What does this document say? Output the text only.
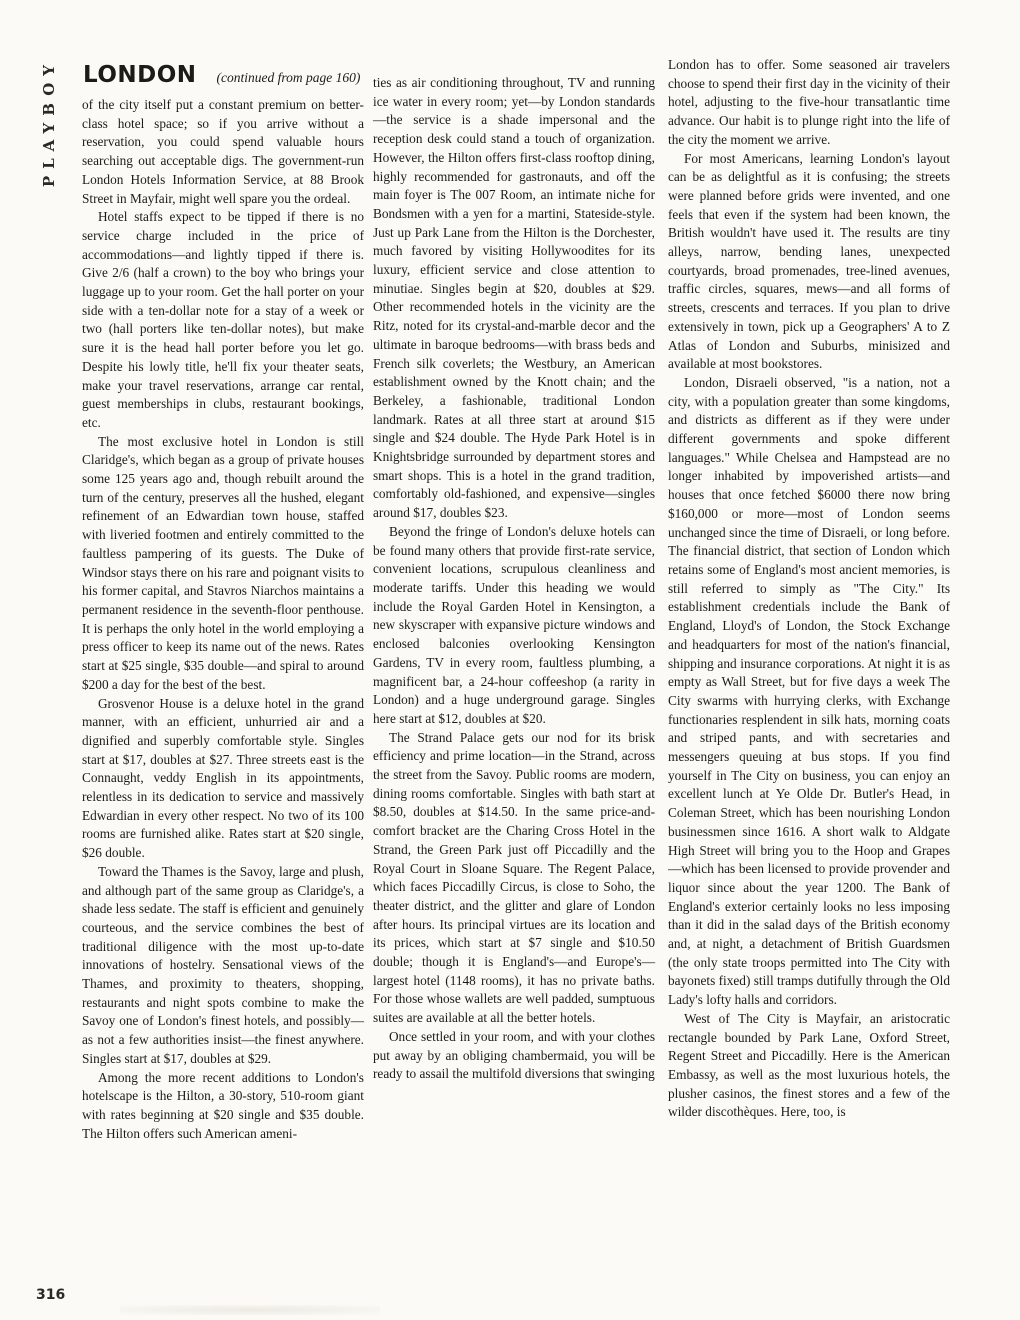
PLAYBOY LONDON (continued from page 160)

of the city itself put a constant premium on better-class hotel space; so if you arrive without a reservation, you could spend valuable hours searching out acceptable digs. The government-run London Hotels Information Service, at 88 Brook Street in Mayfair, might well spare you the ordeal.

Hotel staffs expect to be tipped if there is no service charge included in the price of accommodations—and lightly tipped if there is. Give 2/6 (half a crown) to the boy who brings your luggage up to your room. Get the hall porter on your side with a ten-dollar note for a stay of a week or two (hall porters like ten-dollar notes), but make sure it is the head hall porter before you let go. Despite his lowly title, he'll fix your theater seats, make your travel reservations, arrange car rental, guest memberships in clubs, restaurant bookings, etc.

The most exclusive hotel in London is still Claridge's, which began as a group of private houses some 125 years ago and, though rebuilt around the turn of the century, preserves all the hushed, elegant refinement of an Edwardian town house, staffed with liveried footmen and entirely committed to the faultless pampering of its guests. The Duke of Windsor stays there on his rare and poignant visits to his former capital, and Stavros Niarchos maintains a permanent residence in the seventh-floor penthouse. It is perhaps the only hotel in the world employing a press officer to keep its name out of the news. Rates start at $25 single, $35 double—and spiral to around $200 a day for the best of the best.

Grosvenor House is a deluxe hotel in the grand manner, with an efficient, unhurried air and a dignified and superbly comfortable style. Singles start at $17, doubles at $27. Three streets east is the Connaught, veddy English in its appointments, relentless in its dedication to service and massively Edwardian in every other respect. No two of its 100 rooms are furnished alike. Rates start at $20 single, $26 double.

Toward the Thames is the Savoy, large and plush, and although part of the same group as Claridge's, a shade less sedate. The staff is efficient and genuinely courteous, and the service combines the best of traditional diligence with the most up-to-date innovations of hostelry. Sensational views of the Thames, and proximity to theaters, shopping, restaurants and night spots combine to make the Savoy one of London's finest hotels, and possibly—as not a few authorities insist—the finest anywhere. Singles start at $17, doubles at $29.

Among the more recent additions to London's hotelscape is the Hilton, a 30-story, 510-room giant with rates beginning at $20 single and $35 double. The Hilton offers such American ameni-

ties as air conditioning throughout, TV and running ice water in every room; yet—by London standards—the service is a shade impersonal and the reception desk could stand a touch of organization. However, the Hilton offers first-class rooftop dining, highly recommended for gastronauts, and off the main foyer is The 007 Room, an intimate niche for Bondsmen with a yen for a martini, Stateside-style. Just up Park Lane from the Hilton is the Dorchester, much favored by visiting Hollywoodites for its luxury, efficient service and close attention to minutiae. Singles begin at $20, doubles at $29. Other recommended hotels in the vicinity are the Ritz, noted for its crystal-and-marble decor and the ultimate in baroque bedrooms—with brass beds and French silk coverlets; the Westbury, an American establishment owned by the Knott chain; and the Berkeley, a fashionable, traditional London landmark. Rates at all three start at around $15 single and $24 double. The Hyde Park Hotel is in Knightsbridge surrounded by department stores and smart shops. This is a hotel in the grand tradition, comfortably old-fashioned, and expensive—singles around $17, doubles $23.

Beyond the fringe of London's deluxe hotels can be found many others that provide first-rate service, convenient locations, scrupulous cleanliness and moderate tariffs. Under this heading we would include the Royal Garden Hotel in Kensington, a new skyscraper with expansive picture windows and enclosed balconies overlooking Kensington Gardens, TV in every room, faultless plumbing, a magnificent bar, a 24-hour coffeeshop (a rarity in London) and a huge underground garage. Singles here start at $12, doubles at $20.

The Strand Palace gets our nod for its brisk efficiency and prime location—in the Strand, across the street from the Savoy. Public rooms are modern, dining rooms comfortable. Singles with bath start at $8.50, doubles at $14.50. In the same price-and-comfort bracket are the Charing Cross Hotel in the Strand, the Green Park just off Piccadilly and the Royal Court in Sloane Square. The Regent Palace, which faces Piccadilly Circus, is close to Soho, the theater district, and the glitter and glare of London after hours. Its principal virtues are its location and its prices, which start at $7 single and $10.50 double; though it is England's—and Europe's—largest hotel (1148 rooms), it has no private baths. For those whose wallets are well padded, sumptuous suites are available at all the better hotels.

Once settled in your room, and with your clothes put away by an obliging chambermaid, you will be ready to assail the multifold diversions that swinging

London has to offer. Some seasoned air travelers choose to spend their first day in the vicinity of their hotel, adjusting to the five-hour transatlantic time advance. Our habit is to plunge right into the life of the city the moment we arrive.

For most Americans, learning London's layout can be as delightful as it is confusing; the streets were planned before grids were invented, and one feels that even if the system had been known, the British wouldn't have used it. The results are tiny alleys, narrow, bending lanes, unexpected courtyards, broad promenades, tree-lined avenues, traffic circles, squares, mews—and all forms of streets, crescents and terraces. If you plan to drive extensively in town, pick up a Geographers' A to Z Atlas of London and Suburbs, minisized and available at most bookstores.

London, Disraeli observed, "is a nation, not a city, with a population greater than some kingdoms, and districts as different as if they were under different governments and spoke different languages." While Chelsea and Hampstead are no longer inhabited by impoverished artists—and houses that once fetched $6000 there now bring $160,000 or more—most of London seems unchanged since the time of Disraeli, or long before. The financial district, that section of London which retains some of England's most ancient memories, is still referred to simply as "The City." Its establishment credentials include the Bank of England, Lloyd's of London, the Stock Exchange and headquarters for most of the nation's financial, shipping and insurance corporations. At night it is as empty as Wall Street, but for five days a week The City swarms with hurrying clerks, with Exchange functionaries resplendent in silk hats, morning coats and striped pants, and with secretaries and messengers queuing at bus stops. If you find yourself in The City on business, you can enjoy an excellent lunch at Ye Olde Dr. Butler's Head, in Coleman Street, which has been nourishing London businessmen since 1616. A short walk to Aldgate High Street will bring you to the Hoop and Grapes—which has been licensed to provide provender and liquor since about the year 1200. The Bank of England's exterior certainly looks no less imposing than it did in the salad days of the British economy and, at night, a detachment of British Guardsmen (the only state troops permitted into The City with bayonets fixed) still tramps dutifully through the Old Lady's lofty halls and corridors.

West of The City is Mayfair, an aristocratic rectangle bounded by Park Lane, Oxford Street, Regent Street and Piccadilly. Here is the American Embassy, as well as the most luxurious hotels, the plusher casinos, the finest stores and a few of the wilder discothèques. Here, too, is

316
